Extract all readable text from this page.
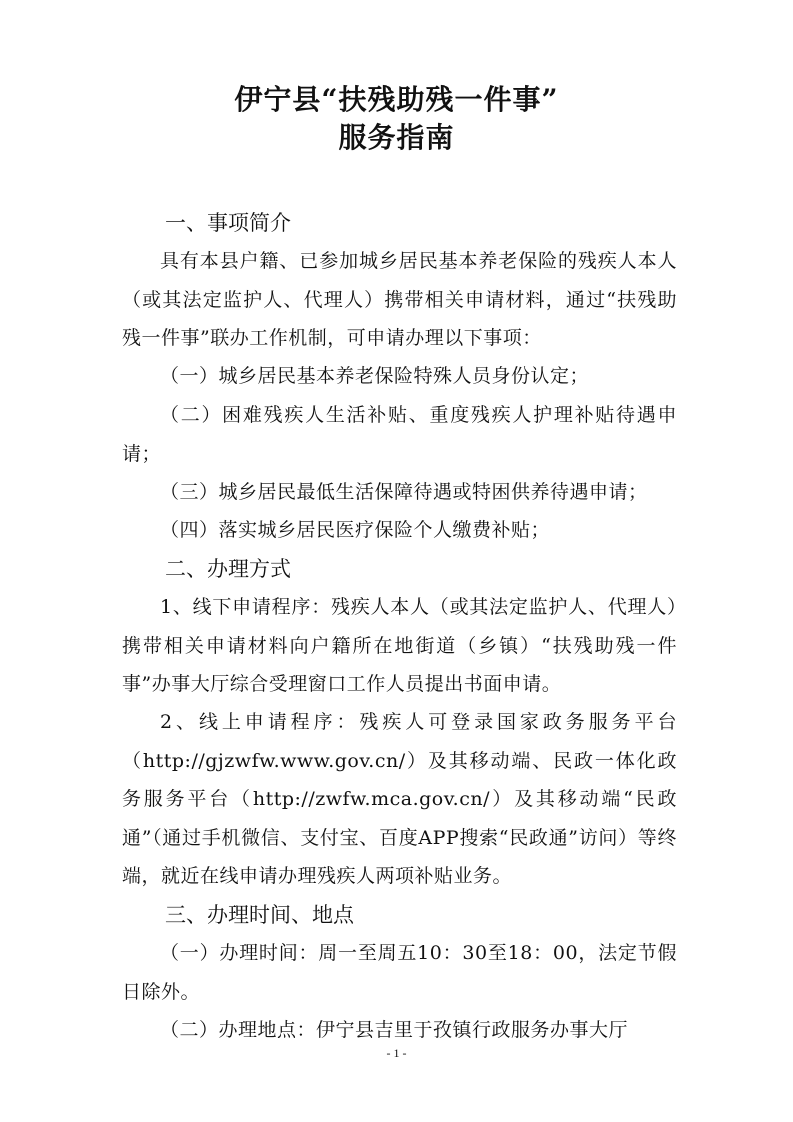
伊宁县“扶残助残一件事”
服务指南
一、事项简介

具有本县户籍、已参加城乡居民基本养老保险的残疾人本人（或其法定监护人、代理人）携带相关申请材料，通过“扶残助残一件事”联办工作机制，可申请办理以下事项：

（一）城乡居民基本养老保险特殊人员身份认定；

（二）困难残疾人生活补贴、重度残疾人护理补贴待遇申请；

（三）城乡居民最低生活保障待遇或特困供养待遇申请；

（四）落实城乡居民医疗保险个人缴费补贴；

二、办理方式

1、线下申请程序：残疾人本人（或其法定监护人、代理人）携带相关申请材料向户籍所在地街道（乡镇）“扶残助残一件事”办事大厅综合受理窗口工作人员提出书面申请。

2、线上申请程序：残疾人可登录国家政务服务平台（http://gjzwfw.www.gov.cn/）及其移动端、民政一体化政务服务平台（http://zwfw.mca.gov.cn/）及其移动端“民政通”（通过手机微信、支付宝、百度APP搜索“民政通”访问）等终端，就近在线申请办理残疾人两项补贴业务。

三、办理时间、地点

（一）办理时间：周一至周五10：30至18：00，法定节假日除外。

（二）办理地点：伊宁县吉里于孜镇行政服务办事大厅

- 1 -
